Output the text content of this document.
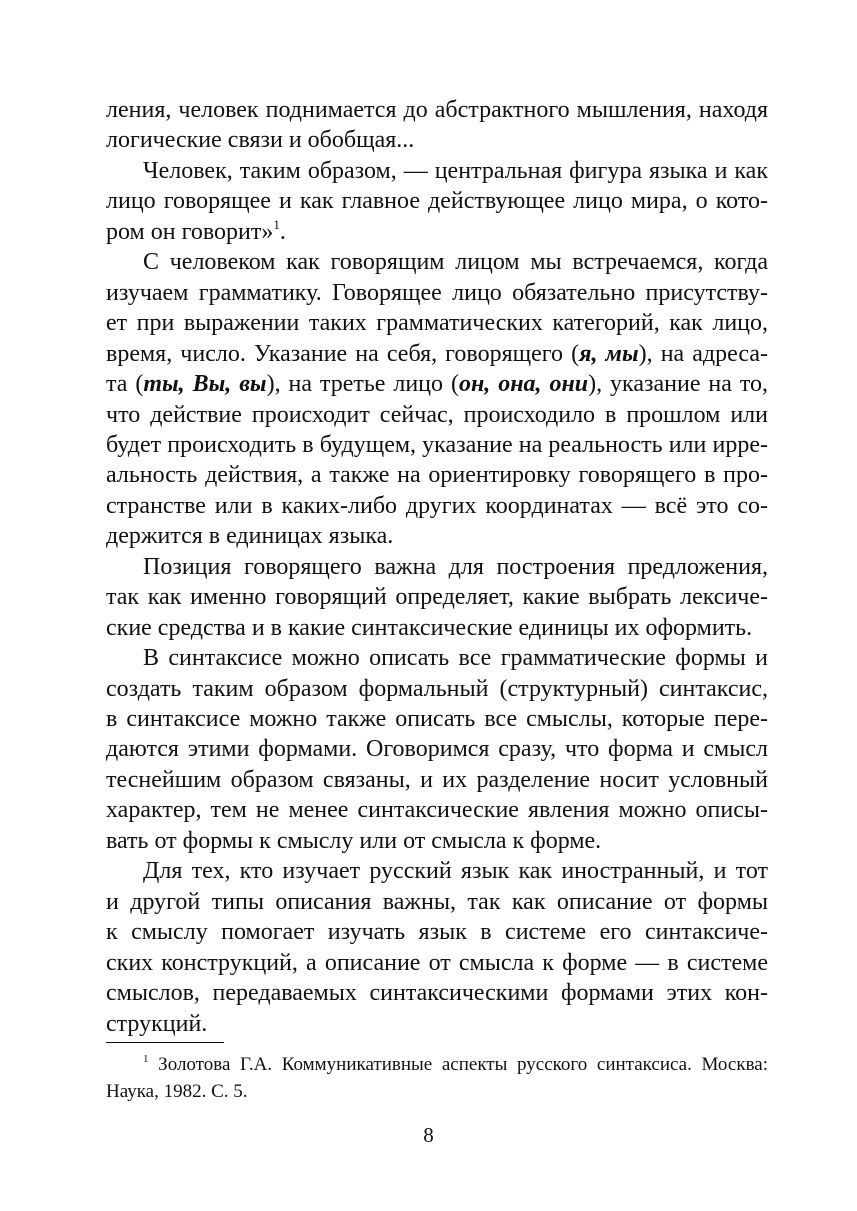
ления, человек поднимается до абстрактного мышления, находя
логические связи и обобщая...
Человек, таким образом, — центральная фигура языка и как
лицо говорящее и как главное действующее лицо мира, о кото-
ром он говорит»$^1$.
С человеком как говорящим лицом мы встречаемся, когда
изучаем грамматику. Говорящее лицо обязательно присутству-
ет при выражении таких грамматических категорий, как лицо,
время, число. Указание на себя, говорящего (я, мы), на адреса-
та (ты, Вы, вы), на третье лицо (он, она, они), указание на то,
что действие происходит сейчас, происходило в прошлом или
будет происходить в будущем, указание на реальность или ирре-
альность действия, а также на ориентировку говорящего в про-
странстве или в каких-либо других координатах — всё это со-
держится в единицах языка.
Позиция говорящего важна для построения предложения,
так как именно говорящий определяет, какие выбрать лексиче-
ские средства и в какие синтаксические единицы их оформить.
В синтаксисе можно описать все грамматические формы и
создать таким образом формальный (структурный) синтаксис,
в синтаксисе можно также описать все смыслы, которые пере-
даются этими формами. Оговоримся сразу, что форма и смысл
теснейшим образом связаны, и их разделение носит условный
характер, тем не менее синтаксические явления можно описы-
вать от формы к смыслу или от смысла к форме.
Для тех, кто изучает русский язык как иностранный, и тот
и другой типы описания важны, так как описание от формы
к смыслу помогает изучать язык в системе его синтаксиче-
ских конструкций, а описание от смысла к форме — в системе
смыслов, передаваемых синтаксическими формами этих кон-
струкций.
$^1$ Золотова Г.А. Коммуникативные аспекты русского синтаксиса. Москва:
Наука, 1982. С. 5.
8
